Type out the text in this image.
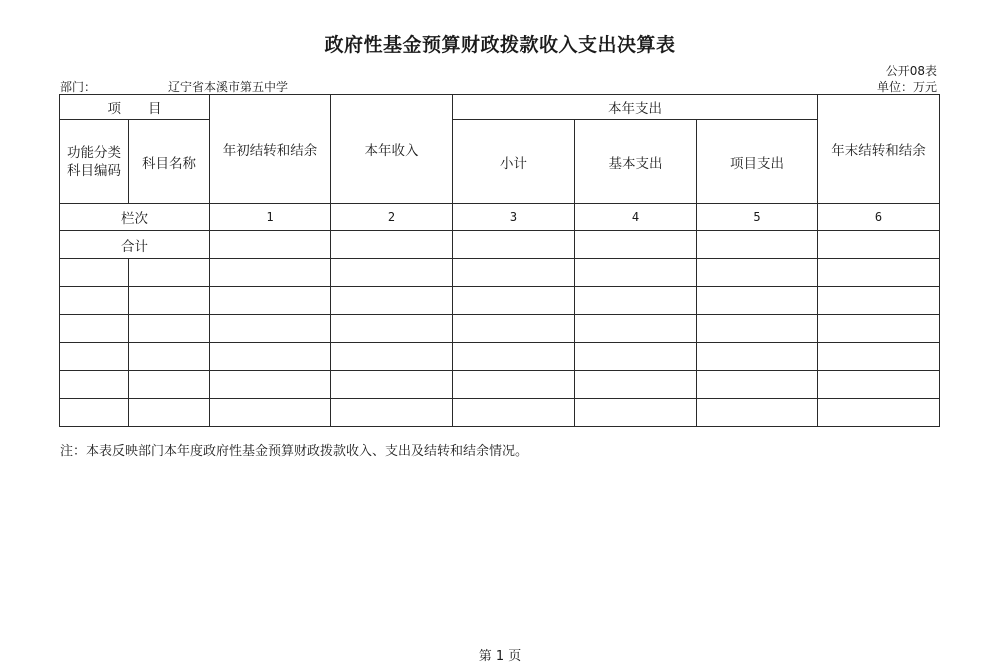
政府性基金预算财政拨款收入支出决算表
公开08表
部门：	辽宁省本溪市第五中学	单位：万元
项　　目		年初结转和结余	本年收入	本年支出			年末结转和结余
功能分类科目编码	科目名称			小计	基本支出	项目支出	
栏次		1	2	3	4	5	6
合计							

注：本表反映部门本年度政府性基金预算财政拨款收入、支出及结转和结余情况。
第 1 页
